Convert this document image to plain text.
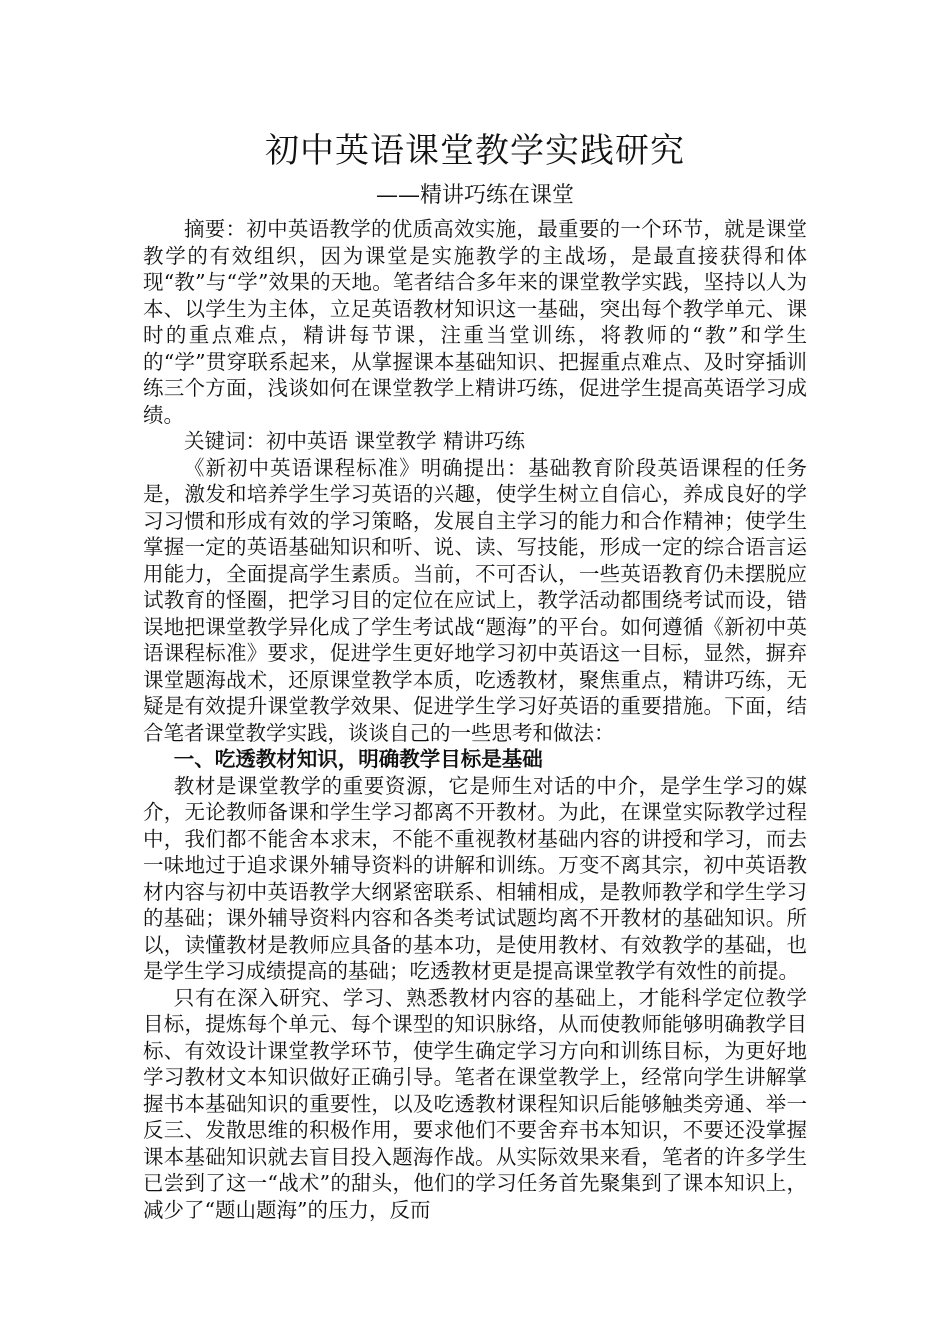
初中英语课堂教学实践研究
——精讲巧练在课堂

摘要：初中英语教学的优质高效实施，最重要的一个环节，就是课堂教学的有效组织，因为课堂是实施教学的主战场，是最直接获得和体现“教”与“学”效果的天地。笔者结合多年来的课堂教学实践，坚持以人为本、以学生为主体，立足英语教材知识这一基础，突出每个教学单元、课时的重点难点，精讲每节课，注重当堂训练，将教师的“教”和学生的“学”贯穿联系起来，从掌握课本基础知识、把握重点难点、及时穿插训练三个方面，浅谈如何在课堂教学上精讲巧练，促进学生提高英语学习成绩。

关键词：初中英语 课堂教学 精讲巧练

《新初中英语课程标准》明确提出：基础教育阶段英语课程的任务是，激发和培养学生学习英语的兴趣，使学生树立自信心，养成良好的学习习惯和形成有效的学习策略，发展自主学习的能力和合作精神；使学生掌握一定的英语基础知识和听、说、读、写技能，形成一定的综合语言运用能力，全面提高学生素质。当前，不可否认，一些英语教育仍未摆脱应试教育的怪圈，把学习目的定位在应试上，教学活动都围绕考试而设，错误地把课堂教学异化成了学生考试战“题海”的平台。如何遵循《新初中英语课程标准》要求，促进学生更好地学习初中英语这一目标，显然，摒弃课堂题海战术，还原课堂教学本质，吃透教材，聚焦重点，精讲巧练，无疑是有效提升课堂教学效果、促进学生学习好英语的重要措施。下面，结合笔者课堂教学实践，谈谈自己的一些思考和做法：

一、吃透教材知识，明确教学目标是基础

教材是课堂教学的重要资源，它是师生对话的中介，是学生学习的媒介，无论教师备课和学生学习都离不开教材。为此，在课堂实际教学过程中，我们都不能舍本求末，不能不重视教材基础内容的讲授和学习，而去一味地过于追求课外辅导资料的讲解和训练。万变不离其宗，初中英语教材内容与初中英语教学大纲紧密联系、相辅相成，是教师教学和学生学习的基础；课外辅导资料内容和各类考试试题均离不开教材的基础知识。所以，读懂教材是教师应具备的基本功，是使用教材、有效教学的基础，也是学生学习成绩提高的基础；吃透教材更是提高课堂教学有效性的前提。

只有在深入研究、学习、熟悉教材内容的基础上，才能科学定位教学目标，提炼每个单元、每个课型的知识脉络，从而使教师能够明确教学目标、有效设计课堂教学环节，使学生确定学习方向和训练目标，为更好地学习教材文本知识做好正确引导。笔者在课堂教学上，经常向学生讲解掌握书本基础知识的重要性，以及吃透教材课程知识后能够触类旁通、举一反三、发散思维的积极作用，要求他们不要舍弃书本知识，不要还没掌握课本基础知识就去盲目投入题海作战。从实际效果来看，笔者的许多学生已尝到了这一“战术”的甜头，他们的学习任务首先聚集到了课本知识上，减少了“题山题海”的压力，反而
